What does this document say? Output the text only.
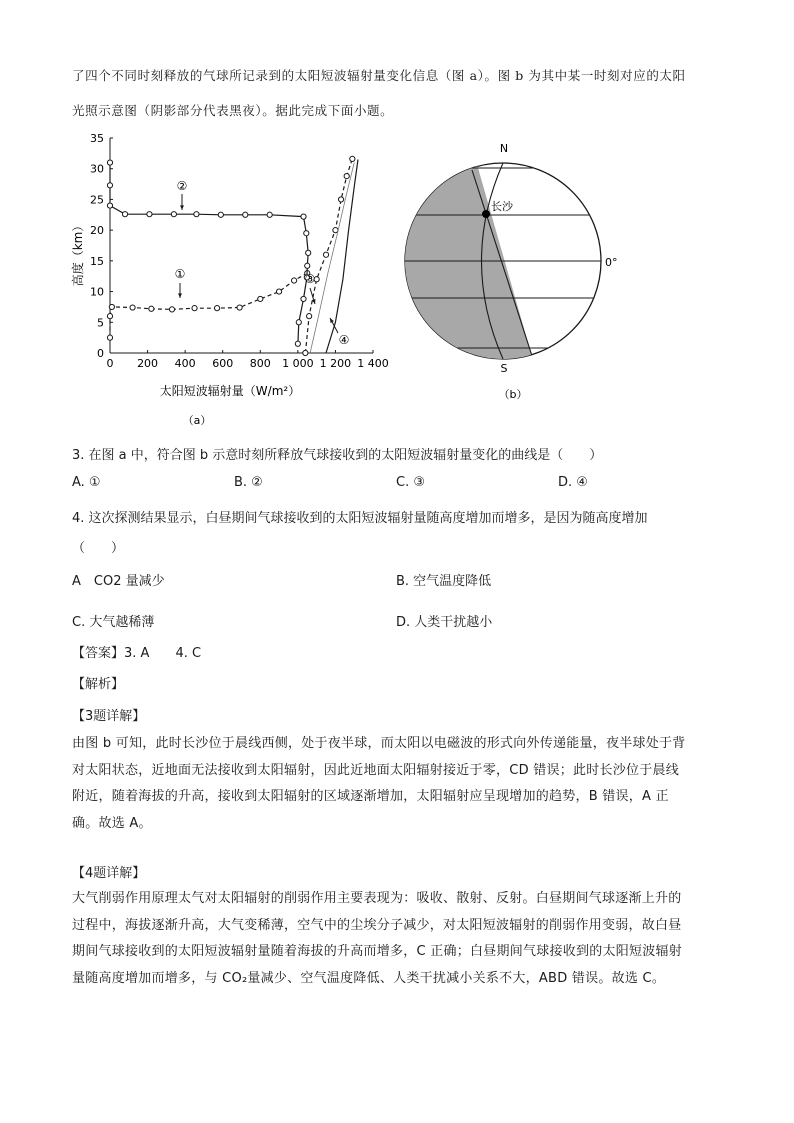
了四个不同时刻释放的气球所记录到的太阳短波辐射量变化信息（图 a）。图 b 为其中某一时刻对应的太阳
光照示意图（阴影部分代表黑夜）。据此完成下面小题。
0 200 400 600 800 1 000 1 200 1 400
0
5
10
15
20
25
30
35
①
②
③
④
高度（km）
太阳短波辐射量（W/m²）
（a）
N
S
长沙
0°
（b）
3. 在图 a 中，符合图 b 示意时刻所释放气球接收到的太阳短波辐射量变化的曲线是（　　）
A. ①	B. ②	C. ③	D. ④
4. 这次探测结果显示，白昼期间气球接收到的太阳短波辐射量随高度增加而增多，是因为随高度增加
（　　）
A　CO2 量减少	B. 空气温度降低
C. 大气越稀薄	D. 人类干扰越小
【答案】3. A　　4. C
【解析】
【3题详解】
由图 b 可知，此时长沙位于晨线西侧，处于夜半球，而太阳以电磁波的形式向外传递能量，夜半球处于背
对太阳状态，近地面无法接收到太阳辐射，因此近地面太阳辐射接近于零，CD 错误；此时长沙位于晨线
附近，随着海拔的升高，接收到太阳辐射的区域逐渐增加，太阳辐射应呈现增加的趋势，B 错误，A 正
确。故选 A。
【4题详解】
大气削弱作用原理太气对太阳辐射的削弱作用主要表现为：吸收、散射、反射。白昼期间气球逐渐上升的
过程中，海拔逐渐升高，大气变稀薄，空气中的尘埃分子减少，对太阳短波辐射的削弱作用变弱，故白昼
期间气球接收到的太阳短波辐射量随着海拔的升高而增多，C 正确；白昼期间气球接收到的太阳短波辐射
量随高度增加而增多，与 CO₂量减少、空气温度降低、人类干扰减小关系不大，ABD 错误。故选 C。
